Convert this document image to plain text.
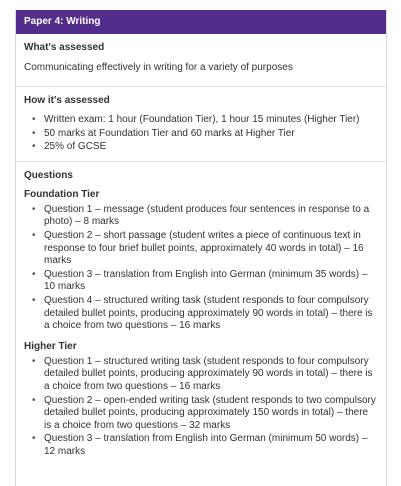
Paper 4: Writing
What's assessed

Communicating effectively in writing for a variety of purposes

How it's assessed
• Written exam: 1 hour (Foundation Tier), 1 hour 15 minutes (Higher Tier)
• 50 marks at Foundation Tier and 60 marks at Higher Tier
• 25% of GCSE
Questions
Foundation Tier
• Question 1 – message (student produces four sentences in response to a photo) – 8 marks
• Question 2 – short passage (student writes a piece of continuous text in response to four brief bullet points, approximately 40 words in total) – 16 marks
• Question 3 – translation from English into German (minimum 35 words) – 10 marks
• Question 4 – structured writing task (student responds to four compulsory detailed bullet points, producing approximately 90 words in total) – there is a choice from two questions – 16 marks
Higher Tier
• Question 1 – structured writing task (student responds to four compulsory detailed bullet points, producing approximately 90 words in total) – there is a choice from two questions – 16 marks
• Question 2 – open-ended writing task (student responds to two compulsory detailed bullet points, producing approximately 150 words in total) – there is a choice from two questions – 32 marks
• Question 3 – translation from English into German (minimum 50 words) – 12 marks
